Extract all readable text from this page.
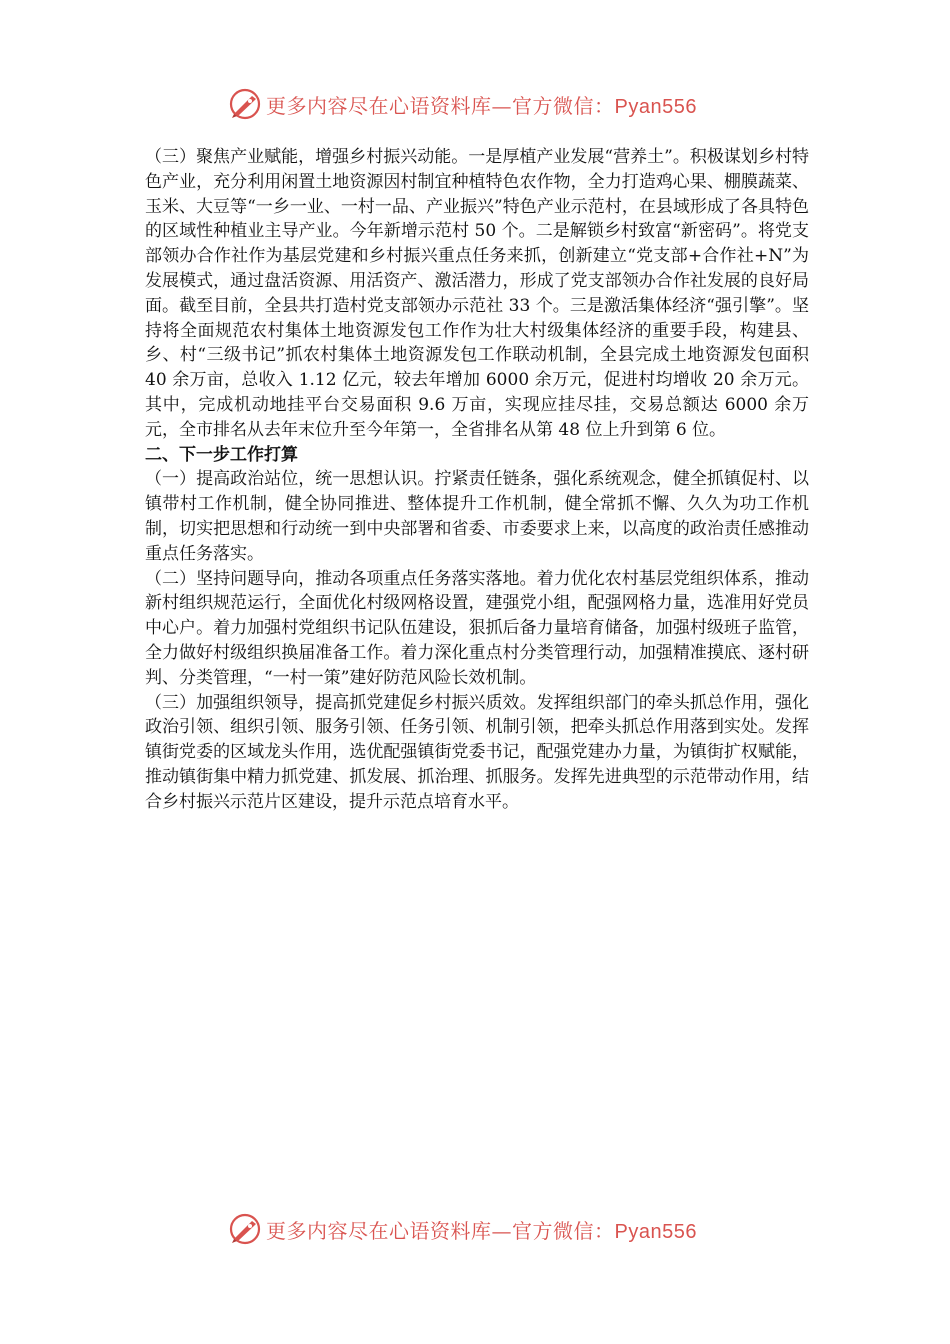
更多内容尽在心语资料库—官方微信：Pyan556

（三）聚焦产业赋能，增强乡村振兴动能。一是厚植产业发展“营养土”。积极谋划乡村特色产业，充分利用闲置土地资源因村制宜种植特色农作物，全力打造鸡心果、棚膜蔬菜、玉米、大豆等“一乡一业、一村一品、产业振兴”特色产业示范村，在县域形成了各具特色的区域性种植业主导产业。今年新增示范村 50 个。二是解锁乡村致富“新密码”。将党支部领办合作社作为基层党建和乡村振兴重点任务来抓，创新建立“党支部+合作社+N”为发展模式，通过盘活资源、用活资产、激活潜力，形成了党支部领办合作社发展的良好局面。截至目前，全县共打造村党支部领办示范社 33 个。三是激活集体经济“强引擎”。坚持将全面规范农村集体土地资源发包工作作为壮大村级集体经济的重要手段，构建县、乡、村“三级书记”抓农村集体土地资源发包工作联动机制，全县完成土地资源发包面积 40 余万亩，总收入 1.12 亿元，较去年增加 6000 余万元，促进村均增收 20 余万元。其中，完成机动地挂平台交易面积 9.6 万亩，实现应挂尽挂，交易总额达 6000 余万元，全市排名从去年末位升至今年第一，全省排名从第 48 位上升到第 6 位。

二、下一步工作打算

（一）提高政治站位，统一思想认识。拧紧责任链条，强化系统观念，健全抓镇促村、以镇带村工作机制，健全协同推进、整体提升工作机制，健全常抓不懈、久久为功工作机制，切实把思想和行动统一到中央部署和省委、市委要求上来，以高度的政治责任感推动重点任务落实。

（二）坚持问题导向，推动各项重点任务落实落地。着力优化农村基层党组织体系，推动新村组织规范运行，全面优化村级网格设置，建强党小组，配强网格力量，选准用好党员中心户。着力加强村党组织书记队伍建设，狠抓后备力量培育储备，加强村级班子监管，全力做好村级组织换届准备工作。着力深化重点村分类管理行动，加强精准摸底、逐村研判、分类管理，“一村一策”建好防范风险长效机制。

（三）加强组织领导，提高抓党建促乡村振兴质效。发挥组织部门的牵头抓总作用，强化政治引领、组织引领、服务引领、任务引领、机制引领，把牵头抓总作用落到实处。发挥镇街党委的区域龙头作用，选优配强镇街党委书记，配强党建办力量，为镇街扩权赋能，推动镇街集中精力抓党建、抓发展、抓治理、抓服务。发挥先进典型的示范带动作用，结合乡村振兴示范片区建设，提升示范点培育水平。

更多内容尽在心语资料库—官方微信：Pyan556
